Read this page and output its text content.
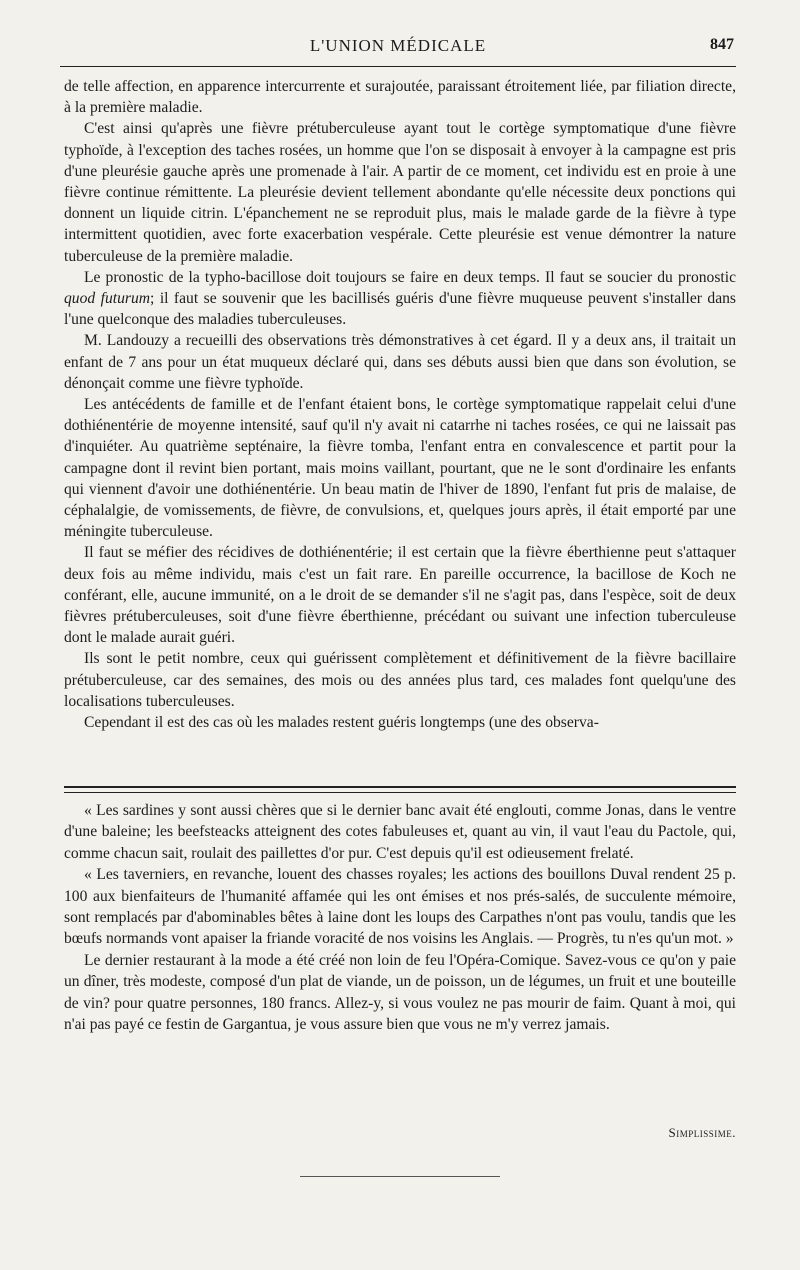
L'UNION MÉDICALE	847

de telle affection, en apparence intercurrente et surajoutée, paraissant étroitement liée, par filiation directe, à la première maladie.

C'est ainsi qu'après une fièvre prétuberculeuse ayant tout le cortège symptomatique d'une fièvre typhoïde, à l'exception des taches rosées, un homme que l'on se disposait à envoyer à la campagne est pris d'une pleurésie gauche après une promenade à l'air. A partir de ce moment, cet individu est en proie à une fièvre continue rémittente. La pleurésie devient tellement abondante qu'elle nécessite deux ponctions qui donnent un liquide citrin. L'épanchement ne se reproduit plus, mais le malade garde de la fièvre à type intermittent quotidien, avec forte exacerbation vespérale. Cette pleurésie est venue démontrer la nature tuberculeuse de la première maladie.

Le pronostic de la typho-bacillose doit toujours se faire en deux temps. Il faut se soucier du pronostic quod futurum; il faut se souvenir que les bacillisés guéris d'une fièvre muqueuse peuvent s'installer dans l'une quelconque des maladies tuberculeuses.

M. Landouzy a recueilli des observations très démonstratives à cet égard. Il y a deux ans, il traitait un enfant de 7 ans pour un état muqueux déclaré qui, dans ses débuts aussi bien que dans son évolution, se dénonçait comme une fièvre typhoïde.

Les antécédents de famille et de l'enfant étaient bons, le cortège symptomatique rappelait celui d'une dothiénentérie de moyenne intensité, sauf qu'il n'y avait ni catarrhe ni taches rosées, ce qui ne laissait pas d'inquiéter. Au quatrième septénaire, la fièvre tomba, l'enfant entra en convalescence et partit pour la campagne dont il revint bien portant, mais moins vaillant, pourtant, que ne le sont d'ordinaire les enfants qui viennent d'avoir une dothiénentérie. Un beau matin de l'hiver de 1890, l'enfant fut pris de malaise, de céphalalgie, de vomissements, de fièvre, de convulsions, et, quelques jours après, il était emporté par une méningite tuberculeuse.

Il faut se méfier des récidives de dothiénentérie; il est certain que la fièvre éberthienne peut s'attaquer deux fois au même individu, mais c'est un fait rare. En pareille occurrence, la bacillose de Koch ne conférant, elle, aucune immunité, on a le droit de se demander s'il ne s'agit pas, dans l'espèce, soit de deux fièvres prétuberculeuses, soit d'une fièvre éberthienne, précédant ou suivant une infection tuberculeuse dont le malade aurait guéri.

Ils sont le petit nombre, ceux qui guérissent complètement et définitivement de la fièvre bacillaire prétuberculeuse, car des semaines, des mois ou des années plus tard, ces malades font quelqu'une des localisations tuberculeuses.

Cependant il est des cas où les malades restent guéris longtemps (une des observa-

« Les sardines y sont aussi chères que si le dernier banc avait été englouti, comme Jonas, dans le ventre d'une baleine; les beefsteacks atteignent des cotes fabuleuses et, quant au vin, il vaut l'eau du Pactole, qui, comme chacun sait, roulait des paillettes d'or pur. C'est depuis qu'il est odieusement frelaté.

« Les taverniers, en revanche, louent des chasses royales; les actions des bouillons Duval rendent 25 p. 100 aux bienfaiteurs de l'humanité affamée qui les ont émises et nos prés-salés, de succulente mémoire, sont remplacés par d'abominables bêtes à laine dont les loups des Carpathes n'ont pas voulu, tandis que les bœufs normands vont apaiser la friande voracité de nos voisins les Anglais. — Progrès, tu n'es qu'un mot. »

Le dernier restaurant à la mode a été créé non loin de feu l'Opéra-Comique. Savez-vous ce qu'on y paie un dîner, très modeste, composé d'un plat de viande, un de poisson, un de légumes, un fruit et une bouteille de vin? pour quatre personnes, 180 francs. Allez-y, si vous voulez ne pas mourir de faim. Quant à moi, qui n'ai pas payé ce festin de Gargantua, je vous assure bien que vous ne m'y verrez jamais.

Simplissime.
